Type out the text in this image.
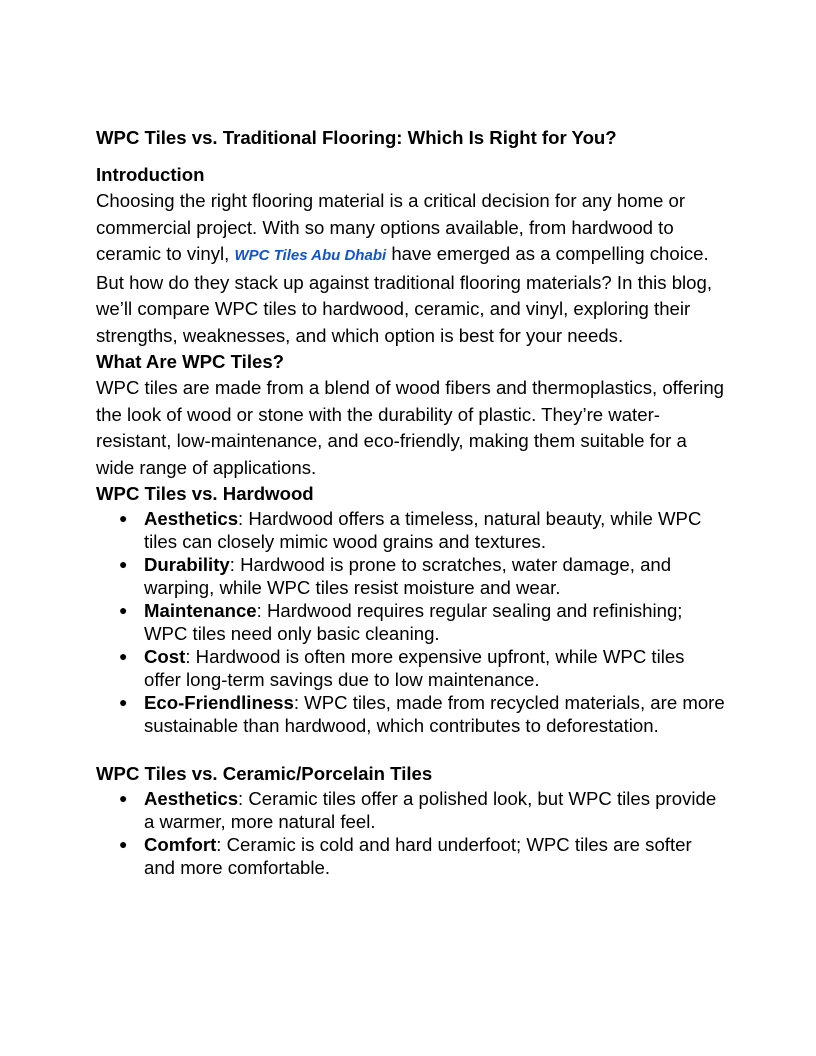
WPC Tiles vs. Traditional Flooring: Which Is Right for You?
Introduction
Choosing the right flooring material is a critical decision for any home or commercial project. With so many options available, from hardwood to ceramic to vinyl, WPC Tiles Abu Dhabi have emerged as a compelling choice. But how do they stack up against traditional flooring materials? In this blog, we’ll compare WPC tiles to hardwood, ceramic, and vinyl, exploring their strengths, weaknesses, and which option is best for your needs.
What Are WPC Tiles?
WPC tiles are made from a blend of wood fibers and thermoplastics, offering the look of wood or stone with the durability of plastic. They’re water-resistant, low-maintenance, and eco-friendly, making them suitable for a wide range of applications.
WPC Tiles vs. Hardwood
● Aesthetics: Hardwood offers a timeless, natural beauty, while WPC tiles can closely mimic wood grains and textures.
● Durability: Hardwood is prone to scratches, water damage, and warping, while WPC tiles resist moisture and wear.
● Maintenance: Hardwood requires regular sealing and refinishing; WPC tiles need only basic cleaning.
● Cost: Hardwood is often more expensive upfront, while WPC tiles offer long-term savings due to low maintenance.
● Eco-Friendliness: WPC tiles, made from recycled materials, are more sustainable than hardwood, which contributes to deforestation.
WPC Tiles vs. Ceramic/Porcelain Tiles
● Aesthetics: Ceramic tiles offer a polished look, but WPC tiles provide a warmer, more natural feel.
● Comfort: Ceramic is cold and hard underfoot; WPC tiles are softer and more comfortable.
